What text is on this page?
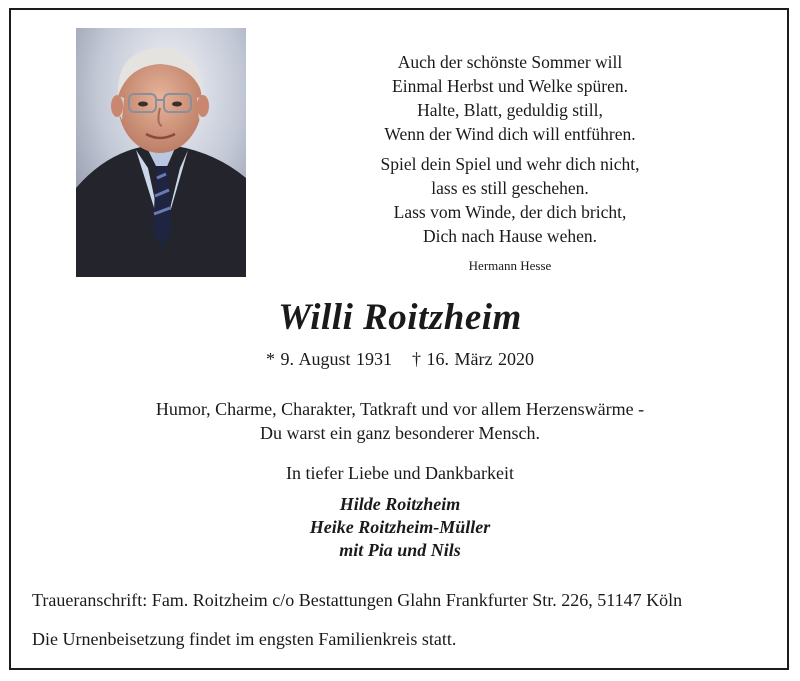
Auch der schönste Sommer will
Einmal Herbst und Welke spüren.
Halte, Blatt, geduldig still,
Wenn der Wind dich will entführen.
Spiel dein Spiel und wehr dich nicht,
lass es still geschehen.
Lass vom Winde, der dich bricht,
Dich nach Hause wehen.
Hermann Hesse
Willi Roitzheim
* 9. August 1931 † 16. März 2020
Humor, Charme, Charakter, Tatkraft und vor allem Herzenswärme -
Du warst ein ganz besonderer Mensch.
In tiefer Liebe und Dankbarkeit
Hilde Roitzheim
Heike Roitzheim-Müller
mit Pia und Nils
Traueranschrift: Fam. Roitzheim c/o Bestattungen Glahn Frankfurter Str. 226, 51147 Köln
Die Urnenbeisetzung findet im engsten Familienkreis statt.
